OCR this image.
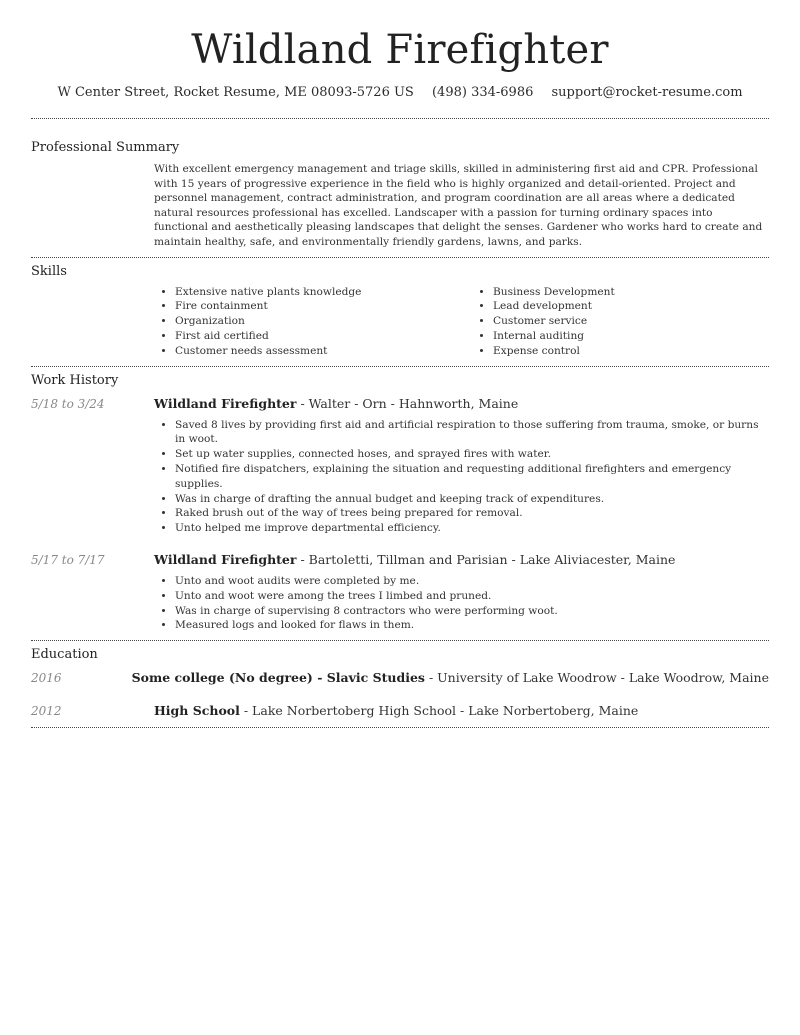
Wildland Firefighter
W Center Street, Rocket Resume, ME 08093-5726 US (498) 334-6986 support@rocket-resume.com
Professional Summary
With excellent emergency management and triage skills, skilled in administering first aid and CPR. Professional with 15 years of progressive experience in the field who is highly organized and detail-oriented. Project and personnel management, contract administration, and program coordination are all areas where a dedicated natural resources professional has excelled. Landscaper with a passion for turning ordinary spaces into functional and aesthetically pleasing landscapes that delight the senses. Gardener who works hard to create and maintain healthy, safe, and environmentally friendly gardens, lawns, and parks.
Skills
• Extensive native plants knowledge
• Fire containment
• Organization
• First aid certified
• Customer needs assessment
• Business Development
• Lead development
• Customer service
• Internal auditing
• Expense control
Work History
5/18 to 3/24	Wildland Firefighter - Walter - Orn - Hahnworth, Maine
• Saved 8 lives by providing first aid and artificial respiration to those suffering from trauma, smoke, or burns in woot.
• Set up water supplies, connected hoses, and sprayed fires with water.
• Notified fire dispatchers, explaining the situation and requesting additional firefighters and emergency supplies.
• Was in charge of drafting the annual budget and keeping track of expenditures.
• Raked brush out of the way of trees being prepared for removal.
• Unto helped me improve departmental efficiency.
5/17 to 7/17	Wildland Firefighter - Bartoletti, Tillman and Parisian - Lake Aliviacester, Maine
• Unto and woot audits were completed by me.
• Unto and woot were among the trees I limbed and pruned.
• Was in charge of supervising 8 contractors who were performing woot.
• Measured logs and looked for flaws in them.
Education
2016	Some college (No degree) - Slavic Studies - University of Lake Woodrow - Lake Woodrow, Maine
2012	High School - Lake Norbertoberg High School - Lake Norbertoberg, Maine
